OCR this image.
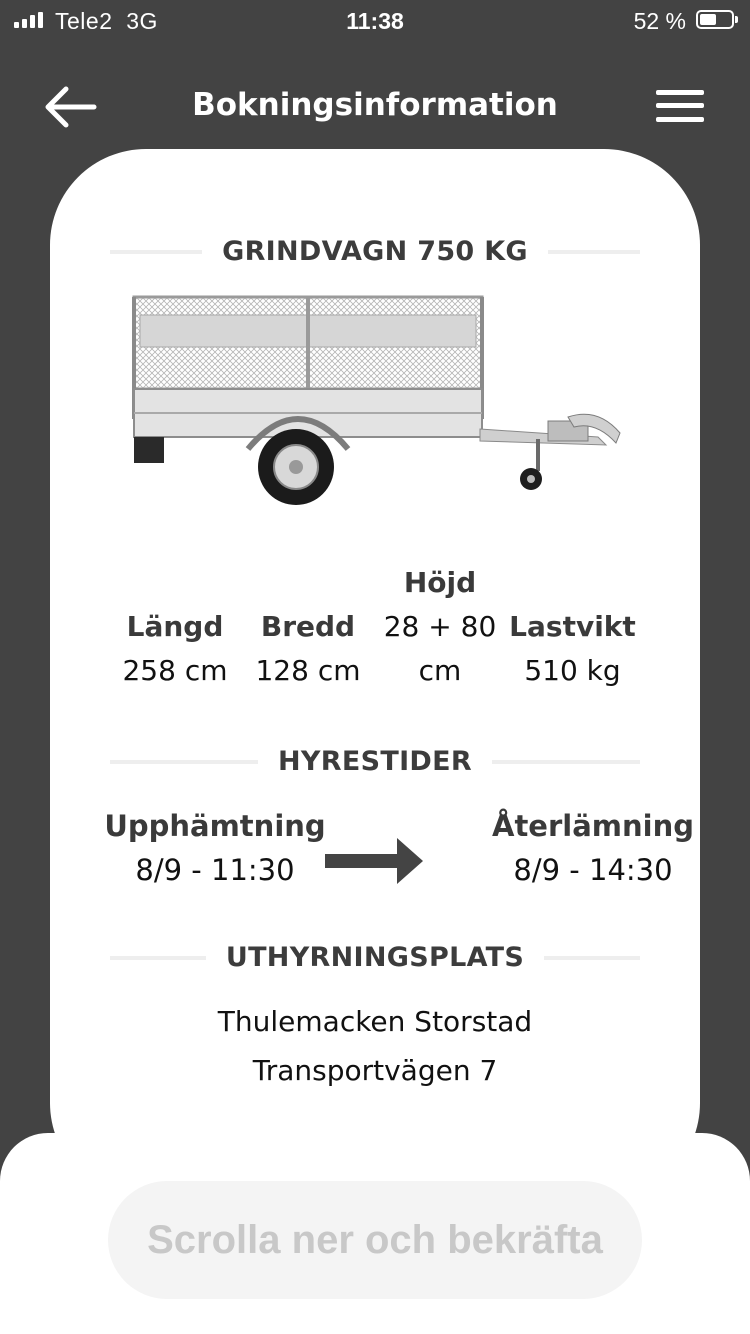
Tele2 3G	11:38	52 %
Bokningsinformation
GRINDVAGN 750 KG
Längd
258 cm
Bredd
128 cm
Höjd
28 + 80
cm
Lastvikt
510 kg
HYRESTIDER
Upphämtning
8/9 - 11:30
Återlämning
8/9 - 14:30
UTHYRNINGSPLATS
Thulemacken Storstad
Transportvägen 7
Scrolla ner och bekräfta
